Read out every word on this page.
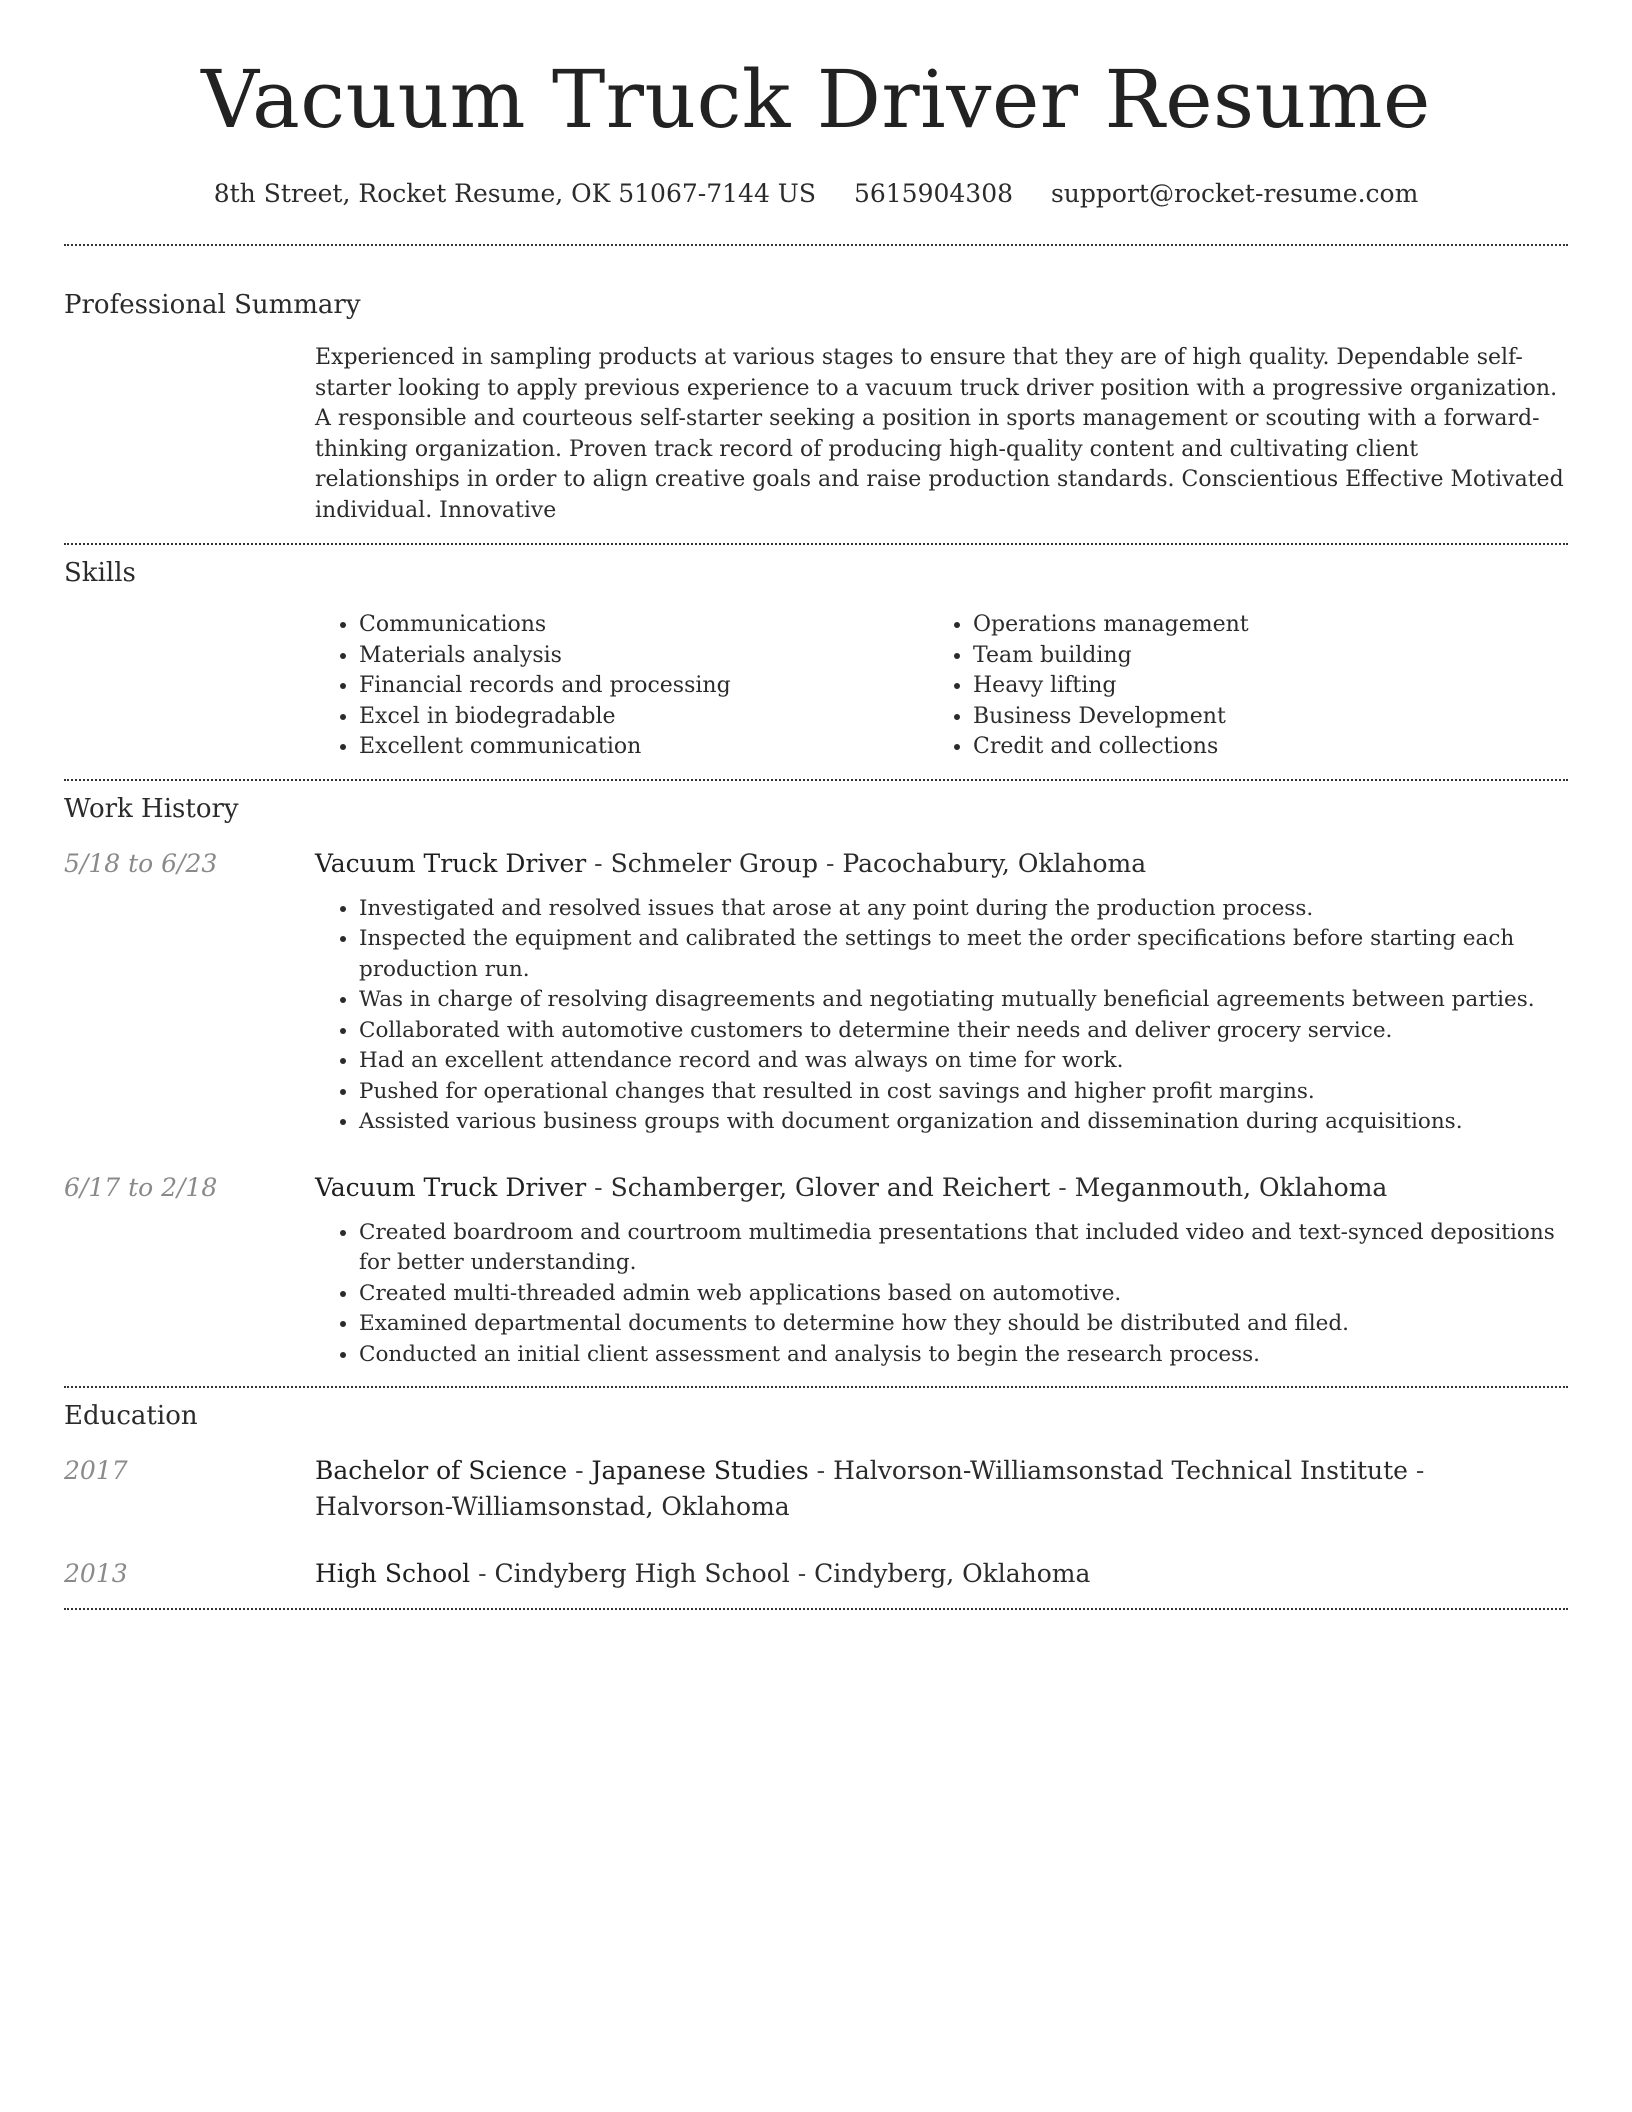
Vacuum Truck Driver Resume
8th Street, Rocket Resume, OK 51067-7144 US 5615904308 support@rocket-resume.com
Professional Summary

Experienced in sampling products at various stages to ensure that they are of high quality. Dependable self-starter looking to apply previous experience to a vacuum truck driver position with a progressive organization. A responsible and courteous self-starter seeking a position in sports management or scouting with a forward-thinking organization. Proven track record of producing high-quality content and cultivating client relationships in order to align creative goals and raise production standards. Conscientious Effective Motivated individual. Innovative

Skills
• Communications
• Materials analysis
• Financial records and processing
• Excel in biodegradable
• Excellent communication
• Operations management
• Team building
• Heavy lifting
• Business Development
• Credit and collections
Work History
5/18 to 6/23	Vacuum Truck Driver - Schmeler Group - Pacochabury, Oklahoma

• Investigated and resolved issues that arose at any point during the production process.
• Inspected the equipment and calibrated the settings to meet the order specifications before starting each production run.
• Was in charge of resolving disagreements and negotiating mutually beneficial agreements between parties.
• Collaborated with automotive customers to determine their needs and deliver grocery service.
• Had an excellent attendance record and was always on time for work.
• Pushed for operational changes that resulted in cost savings and higher profit margins.
• Assisted various business groups with document organization and dissemination during acquisitions.
6/17 to 2/18	Vacuum Truck Driver - Schamberger, Glover and Reichert - Meganmouth, Oklahoma

• Created boardroom and courtroom multimedia presentations that included video and text-synced depositions for better understanding.
• Created multi-threaded admin web applications based on automotive.
• Examined departmental documents to determine how they should be distributed and filed.
• Conducted an initial client assessment and analysis to begin the research process.
Education
2017	Bachelor of Science - Japanese Studies - Halvorson-Williamsonstad Technical Institute - Halvorson-Williamsonstad, Oklahoma

2013	High School - Cindyberg High School - Cindyberg, Oklahoma
